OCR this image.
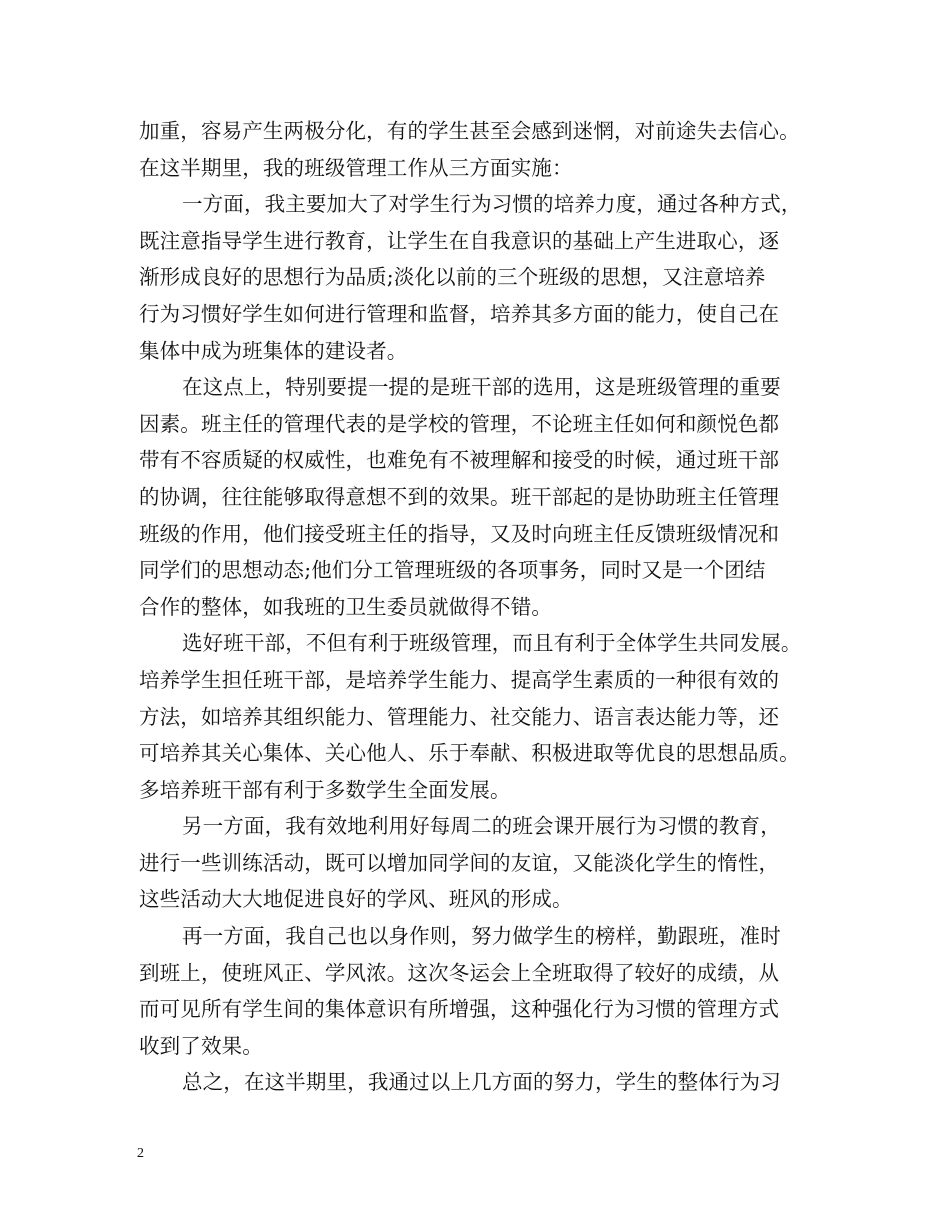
加重，容易产生两极分化，有的学生甚至会感到迷惘，对前途失去信心。
在这半期里，我的班级管理工作从三方面实施：
一方面，我主要加大了对学生行为习惯的培养力度，通过各种方式，
既注意指导学生进行教育，让学生在自我意识的基础上产生进取心，逐
渐形成良好的思想行为品质;淡化以前的三个班级的思想，又注意培养
行为习惯好学生如何进行管理和监督，培养其多方面的能力，使自己在
集体中成为班集体的建设者。
在这点上，特别要提一提的是班干部的选用，这是班级管理的重要
因素。班主任的管理代表的是学校的管理，不论班主任如何和颜悦色都
带有不容质疑的权威性，也难免有不被理解和接受的时候，通过班干部
的协调，往往能够取得意想不到的效果。班干部起的是协助班主任管理
班级的作用，他们接受班主任的指导，又及时向班主任反馈班级情况和
同学们的思想动态;他们分工管理班级的各项事务，同时又是一个团结
合作的整体，如我班的卫生委员就做得不错。
选好班干部，不但有利于班级管理，而且有利于全体学生共同发展。
培养学生担任班干部，是培养学生能力、提高学生素质的一种很有效的
方法，如培养其组织能力、管理能力、社交能力、语言表达能力等，还
可培养其关心集体、关心他人、乐于奉献、积极进取等优良的思想品质。
多培养班干部有利于多数学生全面发展。
另一方面，我有效地利用好每周二的班会课开展行为习惯的教育，
进行一些训练活动，既可以增加同学间的友谊，又能淡化学生的惰性，
这些活动大大地促进良好的学风、班风的形成。
再一方面，我自己也以身作则，努力做学生的榜样，勤跟班，准时
到班上，使班风正、学风浓。这次冬运会上全班取得了较好的成绩，从
而可见所有学生间的集体意识有所增强，这种强化行为习惯的管理方式
收到了效果。
总之，在这半期里，我通过以上几方面的努力，学生的整体行为习
2
